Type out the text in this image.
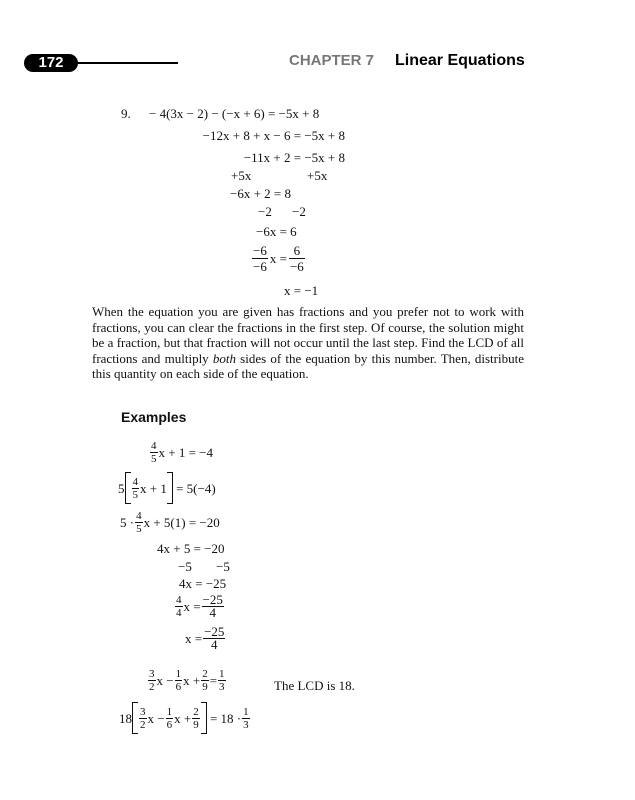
172	CHAPTER 7 Linear Equations
9. − 4(3x − 2) − (−x + 6) = −5x + 8
−12x + 8 + x − 6 = −5x + 8
−11x + 2 = −5x + 8
+5x	+5x
−6x + 2 = 8
−2 −2
−6x = 6
$\frac{-6}{-6}$ $x = \frac{6}{-6}$
x = −1
When the equation you are given has fractions and you prefer not to work with fractions, you can clear the fractions in the first step. Of course, the solution might be a fraction, but that fraction will not occur until the last step. Find the LCD of all fractions and multiply both sides of the equation by this number. Then, distribute this quantity on each side of the equation.
Examples
$\frac{4}{5}$ x + 1 = −4
$5 \frac{4}{5}$ x + 1 = 5(−4)
$5 \cdot \frac{4}{5}$ x + 5(1) = −20
4x + 5 = −20
−5 −5
4x = −25
$\frac{4}{4}$ $x = \frac{-25}{4}$
$x = \frac{-25}{4}$
$\frac{3}{2}$ $x - \frac{1}{6}$ $x + \frac{2}{9} = \frac{1}{3}$	The LCD is 18.
$18 \frac{3}{2}$ $x - \frac{1}{6}$ $x + \frac{2}{9} = 18 \cdot \frac{1}{3}$
